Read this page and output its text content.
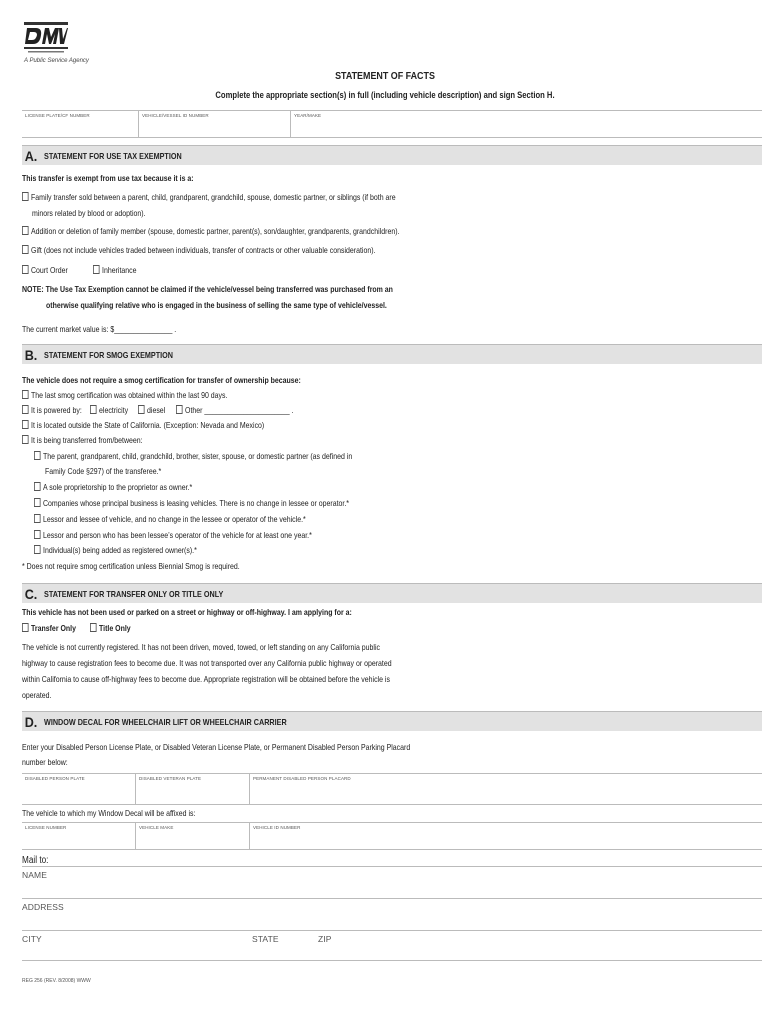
A Public Service Agency
STATEMENT OF FACTS
Complete the appropriate section(s) in full (including vehicle description) and sign Section H.
LICENSE PLATE/CF NUMBER	VEHICLE/VESSEL ID NUMBER	YEAR/MAKE
A. STATEMENT FOR USE TAX EXEMPTION
This transfer is exempt from use tax because it is a:
Family transfer sold between a parent, child, grandparent, grandchild, spouse, domestic partner, or siblings (if both are
minors related by blood or adoption).
Addition or deletion of family member (spouse, domestic partner, parent(s), son/daughter, grandparents, grandchildren).
Gift (does not include vehicles traded between individuals, transfer of contracts or other valuable consideration).
Court Order	Inheritance
NOTE: The Use Tax Exemption cannot be claimed if the vehicle/vessel being transferred was purchased from an
otherwise qualifying relative who is engaged in the business of selling the same type of vehicle/vessel.
The current market value is: $_______________ .
B. STATEMENT FOR SMOG EXEMPTION
The vehicle does not require a smog certification for transfer of ownership because:
The last smog certification was obtained within the last 90 days.
It is powered by:	electricity	diesel	Other ______________________ .
It is located outside the State of California. (Exception: Nevada and Mexico)
It is being transferred from/between:
The parent, grandparent, child, grandchild, brother, sister, spouse, or domestic partner (as defined in
Family Code §297) of the transferee.*
A sole proprietorship to the proprietor as owner.*
Companies whose principal business is leasing vehicles. There is no change in lessee or operator.*
Lessor and lessee of vehicle, and no change in the lessee or operator of the vehicle.*
Lessor and person who has been lessee’s operator of the vehicle for at least one year.*
Individual(s) being added as registered owner(s).*
* Does not require smog certification unless Biennial Smog is required.
C. STATEMENT FOR TRANSFER ONLY OR TITLE ONLY
This vehicle has not been used or parked on a street or highway or off-highway. I am applying for a:
Transfer Only	Title Only
The vehicle is not currently registered. It has not been driven, moved, towed, or left standing on any California public
highway to cause registration fees to become due. It was not transported over any California public highway or operated
within California to cause off-highway fees to become due. Appropriate registration will be obtained before the vehicle is
operated.
D. WINDOW DECAL FOR WHEELCHAIR LIFT OR WHEELCHAIR CARRIER
Enter your Disabled Person License Plate, or Disabled Veteran License Plate, or Permanent Disabled Person Parking Placard
number below:
DISABLED PERSON PLATE	DISABLED VETERAN PLATE	PERMANENT DISABLED PERSON PLACARD
The vehicle to which my Window Decal will be affixed is:
LICENSE NUMBER	VEHICLE MAKE	VEHICLE ID NUMBER
Mail to:
NAME
ADDRESS
CITY	STATE	ZIP
REG 256 (REV. 8/2008) WWW
